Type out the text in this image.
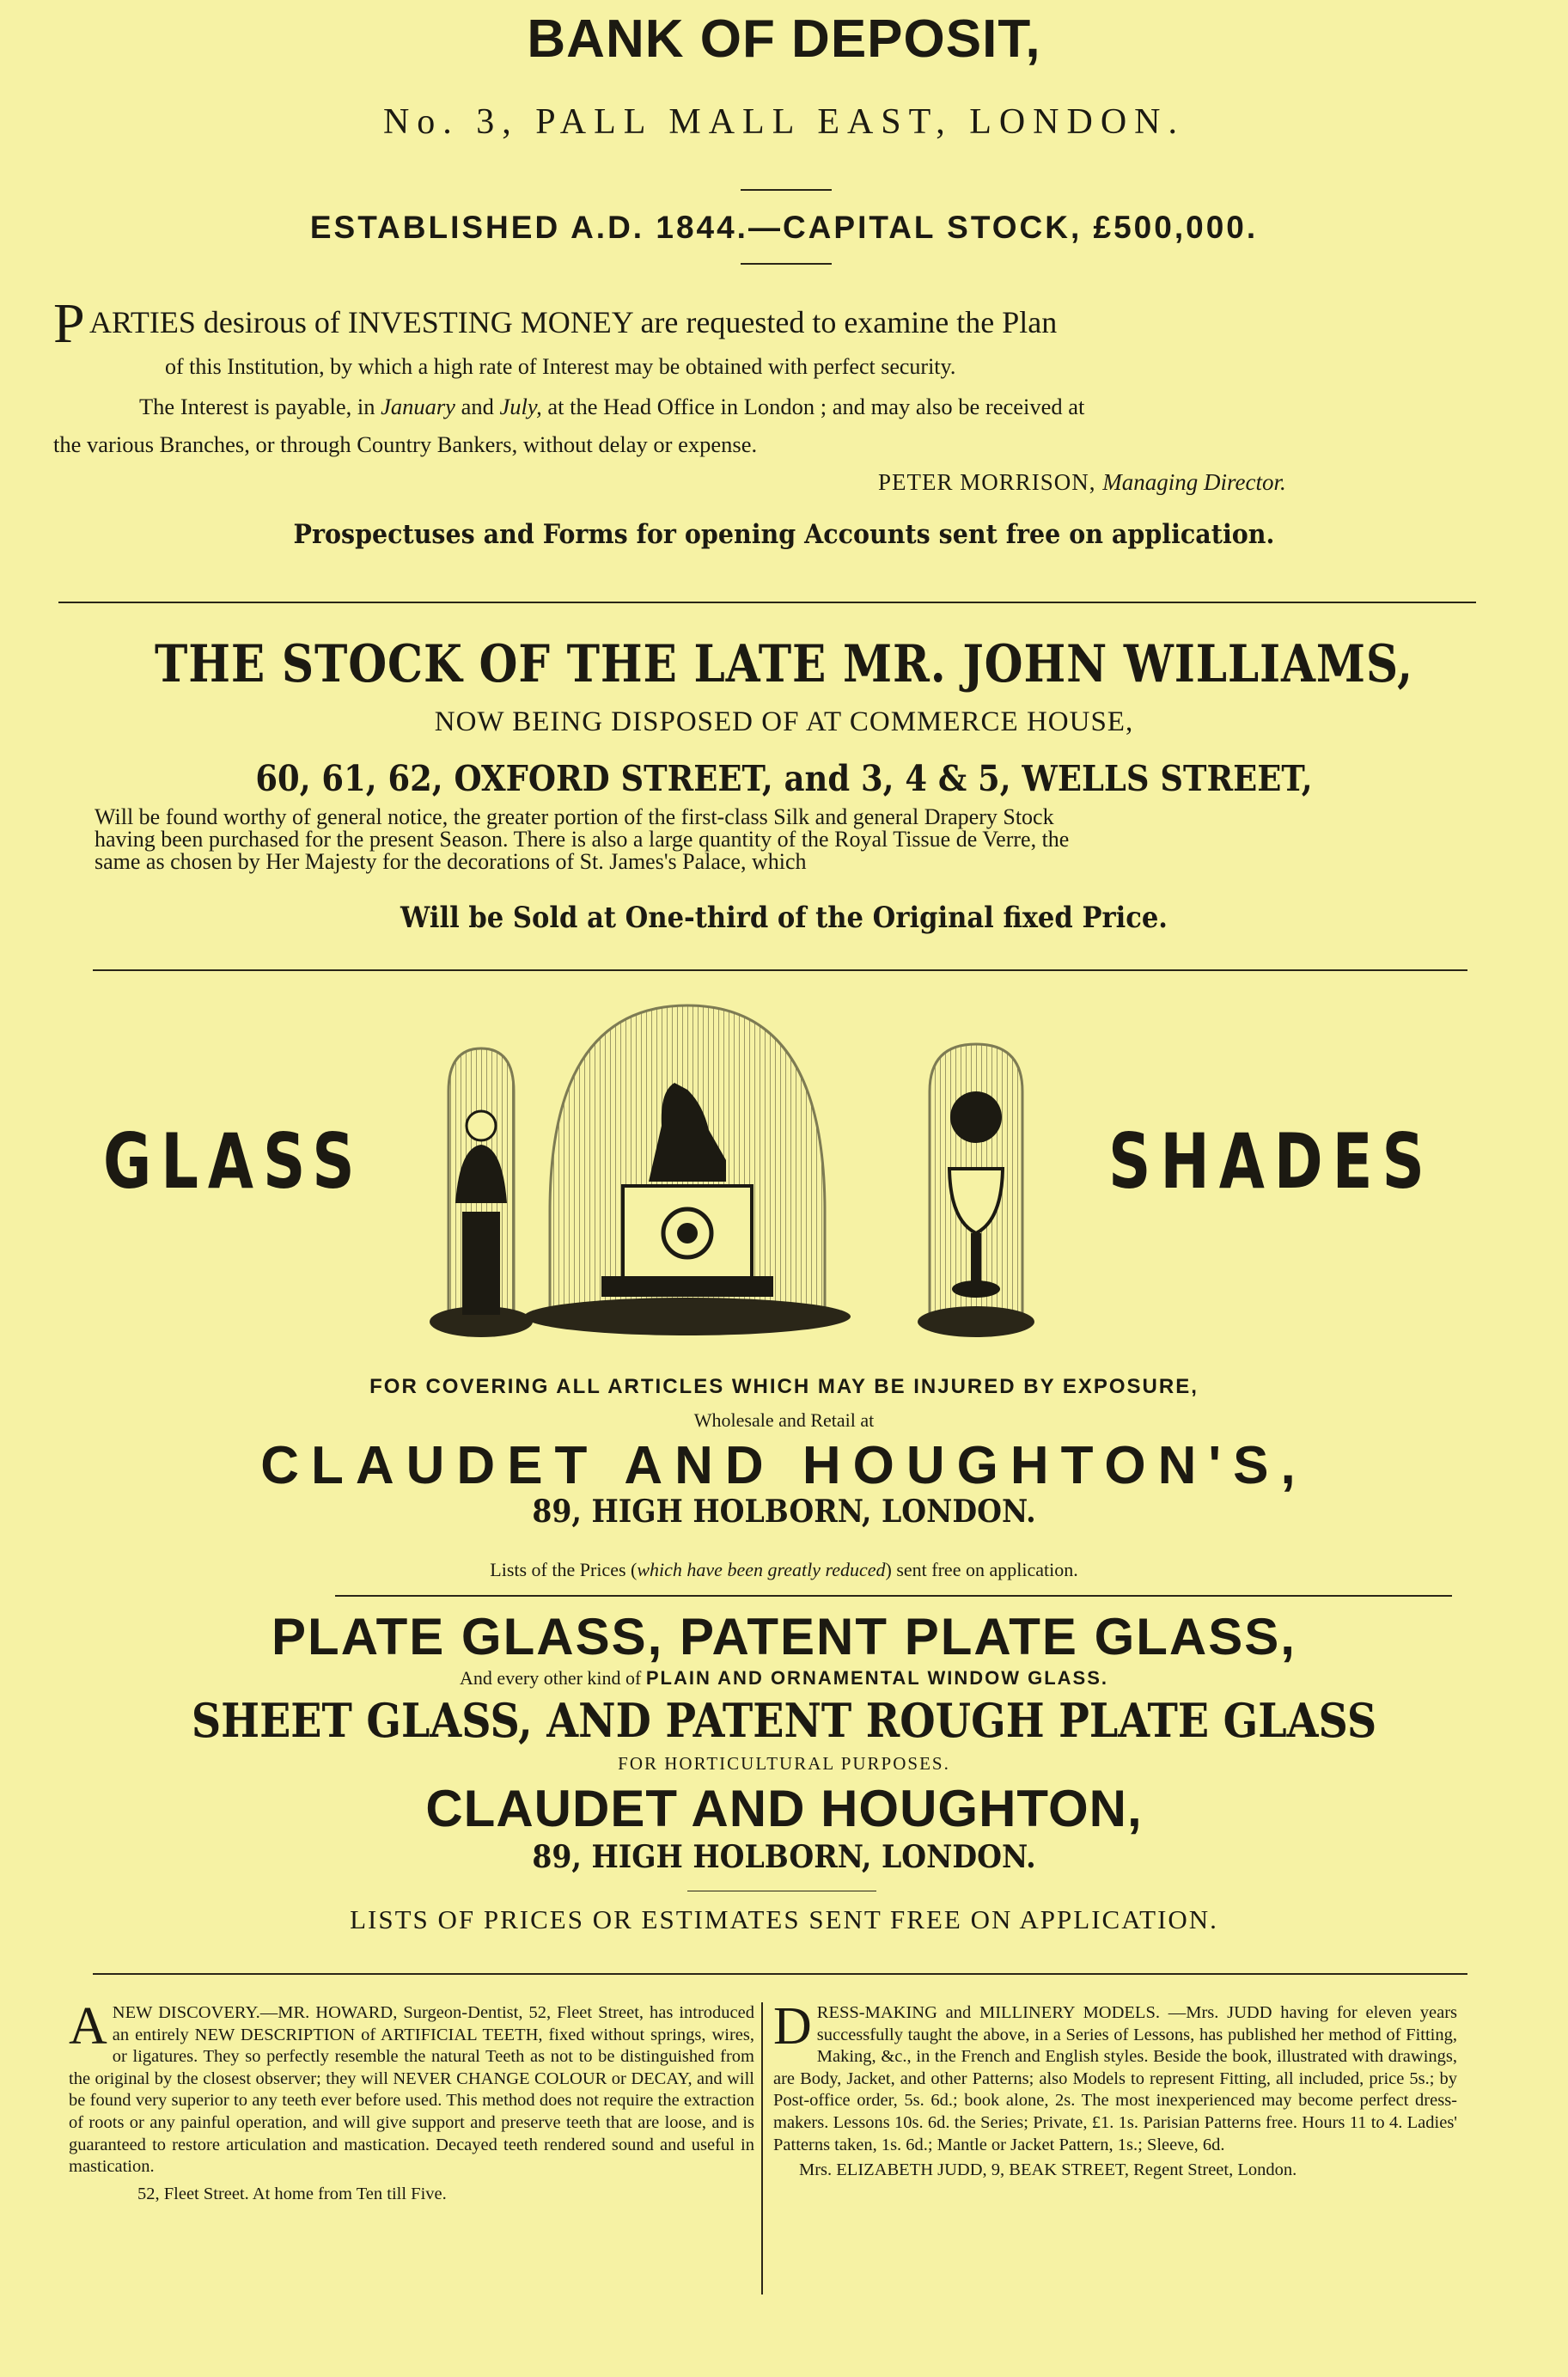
BANK OF DEPOSIT,
No. 3, PALL MALL EAST, LONDON.
ESTABLISHED A.D. 1844.—CAPITAL STOCK, £500,000.
P ARTIES desirous of INVESTING MONEY are requested to examine the Plan
of this Institution, by which a high rate of Interest may be obtained with perfect security.
The Interest is payable, in January and July, at the Head Office in London ; and may also be received at
the various Branches, or through Country Bankers, without delay or expense.
PETER MORRISON, Managing Director.
Prospectuses and Forms for opening Accounts sent free on application.
THE STOCK OF THE LATE MR. JOHN WILLIAMS,
NOW BEING DISPOSED OF AT COMMERCE HOUSE,
60, 61, 62, OXFORD STREET, and 3, 4 & 5, WELLS STREET,
Will be found worthy of general notice, the greater portion of the first-class Silk and general Drapery Stock
having been purchased for the present Season. There is also a large quantity of the Royal Tissue de Verre, the
same as chosen by Her Majesty for the decorations of St. James's Palace, which
Will be Sold at One-third of the Original fixed Price.
GLASS	SHADES
FOR COVERING ALL ARTICLES WHICH MAY BE INJURED BY EXPOSURE,
Wholesale and Retail at
CLAUDET AND HOUGHTON'S,
89, HIGH HOLBORN, LONDON.
Lists of the Prices (which have been greatly reduced) sent free on application.
PLATE GLASS, PATENT PLATE GLASS,
And every other kind of PLAIN AND ORNAMENTAL WINDOW GLASS.
SHEET GLASS, AND PATENT ROUGH PLATE GLASS
FOR HORTICULTURAL PURPOSES.
CLAUDET AND HOUGHTON,
89, HIGH HOLBORN, LONDON.
LISTS OF PRICES OR ESTIMATES SENT FREE ON APPLICATION.

ANEW DISCOVERY.—MR. HOWARD, Surgeon-Dentist, 52, Fleet Street, has introduced an entirely NEW DESCRIPTION of ARTIFICIAL TEETH, fixed without springs, wires, or ligatures. They so perfectly resemble the natural Teeth as not to be distinguished from the original by the closest observer; they will NEVER CHANGE COLOUR or DECAY, and will be found very superior to any teeth ever before used. This method does not require the extraction of roots or any painful operation, and will give support and preserve teeth that are loose, and is guaranteed to restore articulation and mastication. Decayed teeth rendered sound and useful in mastication.

52, Fleet Street. At home from Ten till Five.

DRESS-MAKING and MILLINERY MODELS. —Mrs. JUDD having for eleven years successfully taught the above, in a Series of Lessons, has published her method of Fitting, Making, &c., in the French and English styles. Beside the book, illustrated with drawings, are Body, Jacket, and other Patterns; also Models to represent Fitting, all included, price 5s.; by Post-office order, 5s. 6d.; book alone, 2s. The most inexperienced may become perfect dress-makers. Lessons 10s. 6d. the Series; Private, £1. 1s. Parisian Patterns free. Hours 11 to 4. Ladies' Patterns taken, 1s. 6d.; Mantle or Jacket Pattern, 1s.; Sleeve, 6d.

Mrs. ELIZABETH JUDD, 9, BEAK STREET, Regent Street, London.
